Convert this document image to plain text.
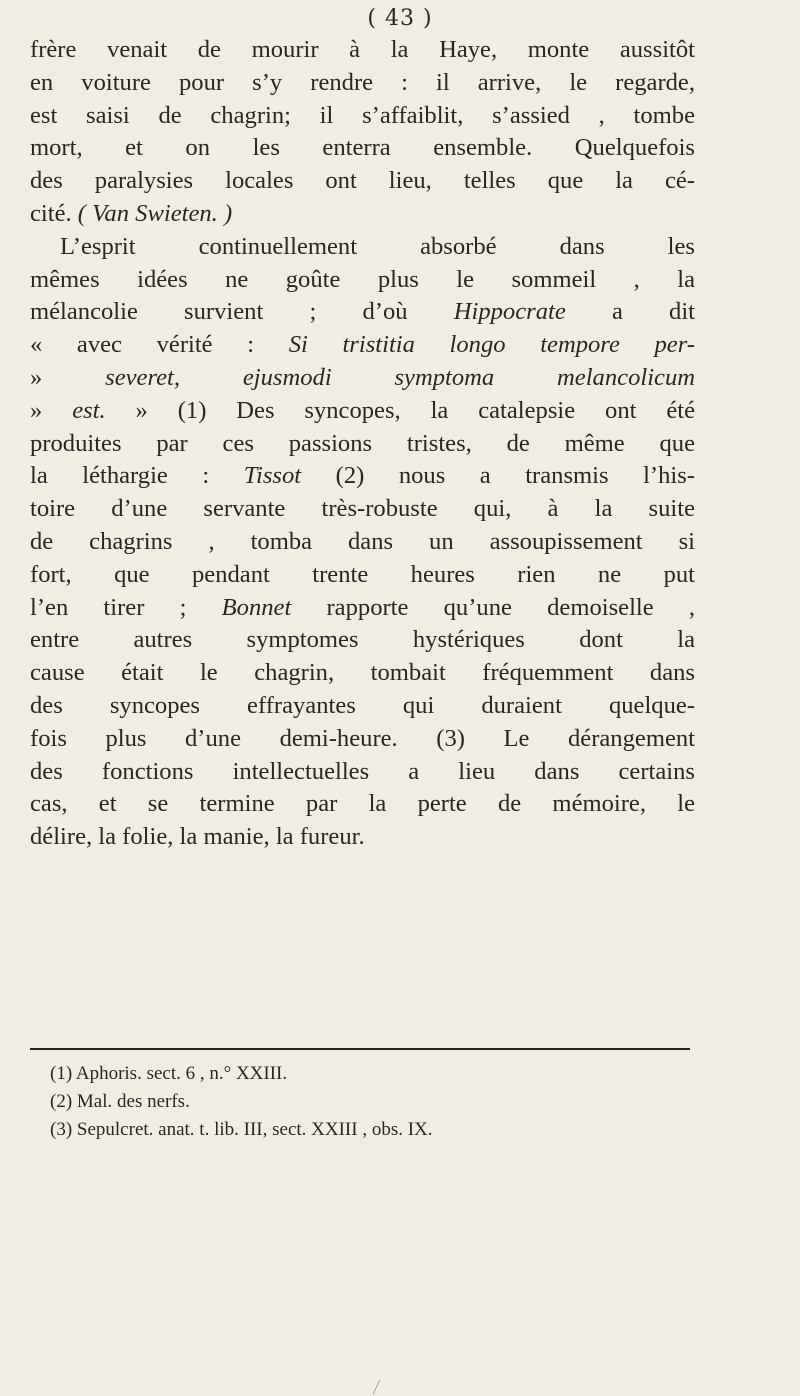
( 43 )
frère venait de mourir à la Haye, monte aussitôt
en voiture pour s’y rendre : il arrive, le regarde,
est saisi de chagrin; il s’affaiblit, s’assied , tombe
mort, et on les enterra ensemble. Quelquefois
des paralysies locales ont lieu, telles que la cé-
cité. ( Van Swieten. )
L’esprit continuellement absorbé dans les
mêmes idées ne goûte plus le sommeil , la
mélancolie survient ; d’où Hippocrate a dit
« avec vérité : Si tristitia longo tempore per-
» severet, ejusmodi symptoma melancolicum
» est. » (1) Des syncopes, la catalepsie ont été
produites par ces passions tristes, de même que
la léthargie : Tissot (2) nous a transmis l’his-
toire d’une servante très-robuste qui, à la suite
de chagrins , tomba dans un assoupissement si
fort, que pendant trente heures rien ne put
l’en tirer ; Bonnet rapporte qu’une demoiselle ,
entre autres symptomes hystériques dont la
cause était le chagrin, tombait fréquemment dans
des syncopes effrayantes qui duraient quelque-
fois plus d’une demi-heure. (3) Le dérangement
des fonctions intellectuelles a lieu dans certains
cas, et se termine par la perte de mémoire, le
délire, la folie, la manie, la fureur.
(1) Aphoris. sect. 6 , n.° XXIII.
(2) Mal. des nerfs.
(3) Sepulcret. anat. t. lib. III, sect. XXIII , obs. IX.
